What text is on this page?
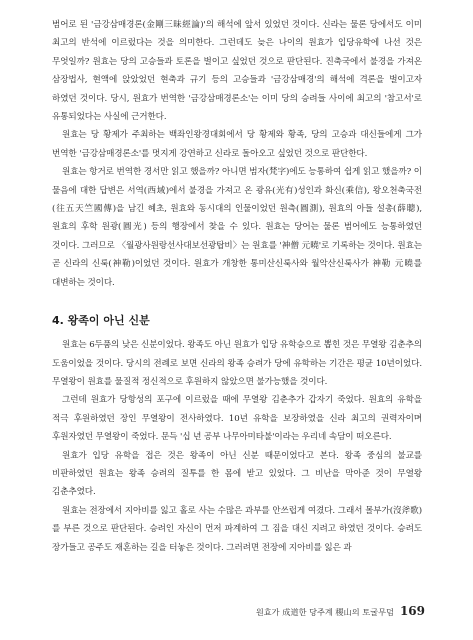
범어로 된 '금강삼매경론(金剛三昧經論)'의 해석에 앞서 있었던 것이다. 신라는 물론 당에서도 이미 최고의 반석에 이르렀다는 것을 의미한다. 그런데도 늦은 나이의 원효가 입당유학에 나선 것은 무엇일까? 원효는 당의 고승들과 토론을 벌이고 싶었던 것으로 판단된다. 진축국에서 불경을 가져온 삼장법사, 현액에 앉았었던 현축과 규기 등의 고승들과 '금강삼매경'의 해석에 격론을 벌이고자 하였던 것이다. 당시, 원효가 번역한 '금강삼매경론소'는 이미 당의 승려들 사이에 최고의 '참고서'로 유통되었다는 사실에 근거한다.

원효는 당 황제가 주최하는 백좌인왕경대회에서 당 황제와 황족, 당의 고승과 대신들에게 그가 번역한 '금강삼매경론소'를 멋지게 강연하고 신라로 돌아오고 싶었던 것으로 판단한다.

원효는 항거로 번역한 경서만 읽고 했을까? 아니면 범자(梵字)에도 능통하여 쉽게 읽고 했을까? 이 물음에 대한 답변은 서역(西域)에서 불경을 가져고 온 광유(光有)성인과 화신(乘信), 왕오천축국전(往五天竺國傳)을 남긴 혜초, 원효와 동시대의 인물이었던 원측(圓測), 원효의 아들 설총(薛聰), 원효의 후학 원광(圓光) 등의 행장에서 찾을 수 있다. 원효는 당어는 물론 범어에도 능통하였던 것이다. 그러므로 〈월광사원랑선사대보선광탑비〉는 원효를 '神僧 元曉'로 기록하는 것이다. 원효는 곧 신라의 신룩(神勒)이었던 것이다. 원효가 개창한 통미산신룩사와 월악산신룩사가 神勒 元曉를 대변하는 것이다.

4. 왕족이 아닌 신분

원효는 6두품의 낮은 신분이었다. 왕족도 아닌 원효가 입당 유학승으로 뽑힌 것은 무열왕 김춘추의 도움이었을 것이다. 당시의 전례로 보면 신라의 왕족 승려가 당에 유학하는 기간은 평균 10년이었다. 무열왕이 원효를 물질적 정신적으로 후원하지 않았으면 불가능했을 것이다.

그런데 원효가 당항성의 포구에 이르렀을 때에 무열왕 김춘추가 갑자기 죽었다. 원효의 유학을 적극 후원하였던 장인 무열왕이 전사하였다. 10년 유학을 보장하였을 신라 최고의 권력자이며 후원자였던 무열왕이 죽었다. 문득 '십 년 공부 나무아미타불'이라는 우리네 속담이 떠오른다.

원효가 입당 유학을 접은 것은 왕족이 아닌 신분 때문이었다고 본다. 왕족 중심의 불교를 비판하였던 원효는 왕족 승려의 질투를 한 몸에 받고 있었다. 그 비난을 막아준 것이 무열왕 김춘추였다.

원효는 전장에서 지아비를 잃고 홀로 사는 수많은 과부를 안쓰럽게 여겼다. 그래서 몰부가(沒斧歌)를 부른 것으로 판단된다. 승려인 자신이 먼저 파계하여 그 짐을 대신 지려고 하였던 것이다. 승려도 장가들고 공주도 재혼하는 길을 터놓은 것이다. 그러려면 전장에 지아비를 잃은 과

원효가 成道한 당주계 稷山의 토굴무덤 169
